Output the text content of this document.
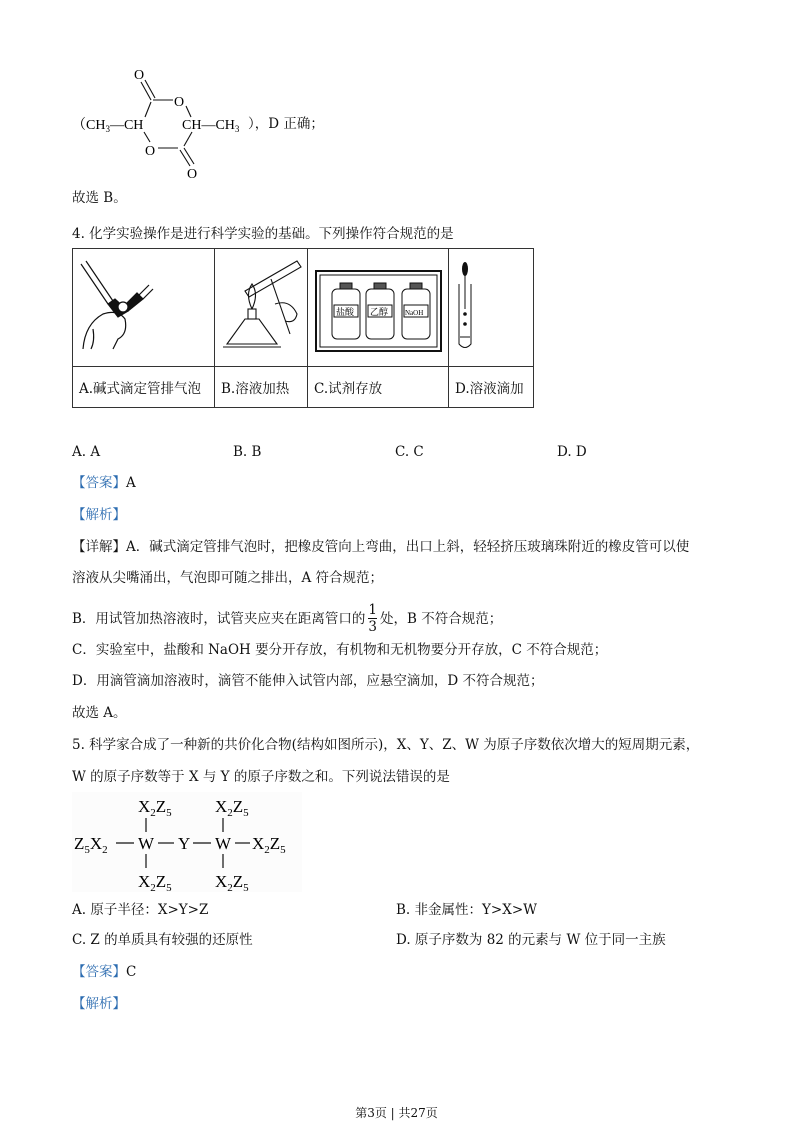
O
O
O
O
（$CH_3—CH$	$CH—CH_3$ ），D 正确；
故选 B。
4. 化学实验操作是进行科学实验的基础。下列操作符合规范的是

盐酸 乙醇 NaOH

A.碱式滴定管排气泡	B.溶液加热	C.试剂存放	D.溶液滴加
A. A	B. B	C. C	D. D
【答案】A
【解析】
【详解】A．碱式滴定管排气泡时，把橡皮管向上弯曲，出口上斜，轻轻挤压玻璃珠附近的橡皮管可以使
溶液从尖嘴涌出，气泡即可随之排出，A 符合规范；
B．用试管加热溶液时，试管夹应夹在距离管口的 $\frac{1}{3}$ 处，B 不符合规范；
C．实验室中，盐酸和 NaOH 要分开存放，有机物和无机物要分开存放，C 不符合规范；
D．用滴管滴加溶液时，滴管不能伸入试管内部，应悬空滴加，D 不符合规范；
故选 A。
5. 科学家合成了一种新的共价化合物(结构如图所示)，X、Y、Z、W 为原子序数依次增大的短周期元素，
W 的原子序数等于 X 与 Y 的原子序数之和。下列说法错误的是
$X_2Z_5$	$X_2Z_5$
$X_2Z_5$	$X_2Z_5$
$Z_5X_2$ W Y W $X_2Z_5$
A. 原子半径：X>Y>Z	B. 非金属性：Y>X>W
C. Z 的单质具有较强的还原性	D. 原子序数为 82 的元素与 W 位于同一主族
【答案】C
【解析】
第3页 | 共27页
